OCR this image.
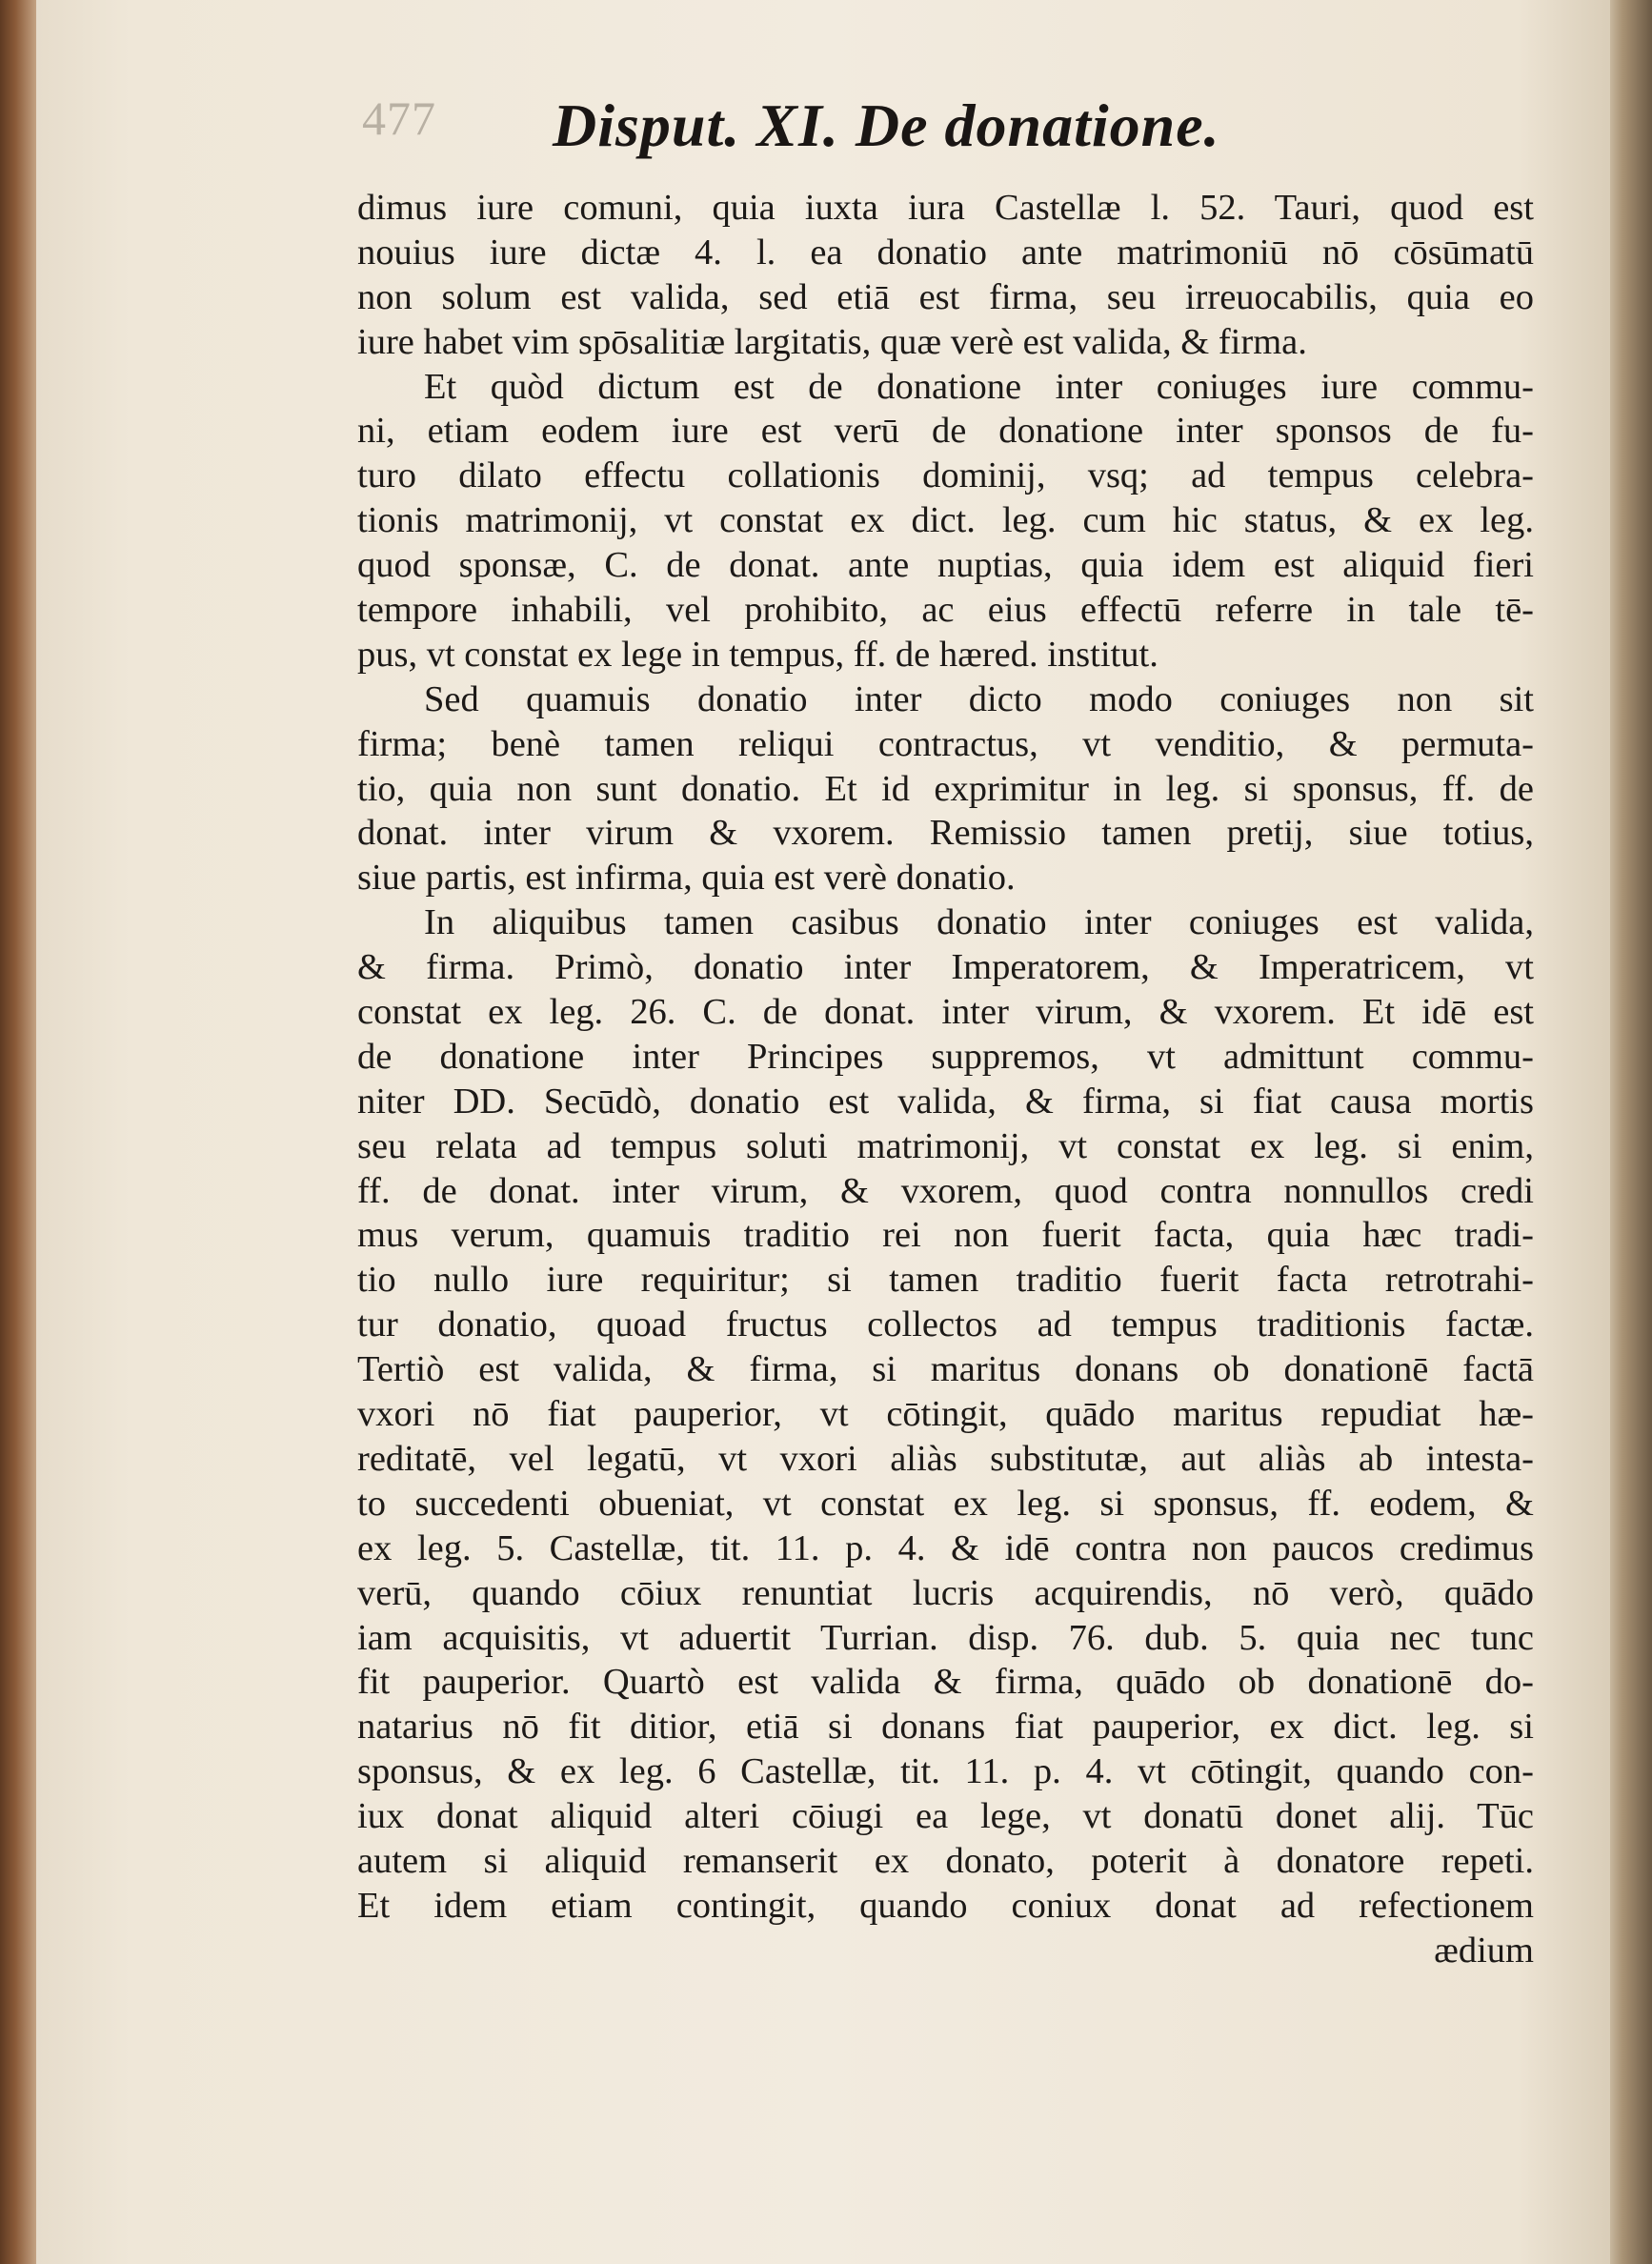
477 Disput. XI. De donatione.
dimus iure comuni, quia iuxta iura Castellæ l. 52. Tauri, quod est
nouius iure dictæ 4. l. ea donatio ante matrimoniū nō cōsūmatū
non solum est valida, sed etiā est firma, seu irreuocabilis, quia eo
iure habet vim spōsalitiæ largitatis, quæ verè est valida, & firma.
Et quòd dictum est de donatione inter coniuges iure commu-
ni, etiam eodem iure est verū de donatione inter sponsos de fu-
turo dilato effectu collationis dominij, vsq; ad tempus celebra-
tionis matrimonij, vt constat ex dict. leg. cum hic status, & ex leg.
quod sponsæ, C. de donat. ante nuptias, quia idem est aliquid fieri
tempore inhabili, vel prohibito, ac eius effectū referre in tale tē-
pus, vt constat ex lege in tempus, ff. de hæred. institut.
Sed quamuis donatio inter dicto modo coniuges non sit
firma; benè tamen reliqui contractus, vt venditio, & permuta-
tio, quia non sunt donatio. Et id exprimitur in leg. si sponsus, ff. de
donat. inter virum & vxorem. Remissio tamen pretij, siue totius,
siue partis, est infirma, quia est verè donatio.
In aliquibus tamen casibus donatio inter coniuges est valida,
& firma. Primò, donatio inter Imperatorem, & Imperatricem, vt
constat ex leg. 26. C. de donat. inter virum, & vxorem. Et idē est
de donatione inter Principes suppremos, vt admittunt commu-
niter DD. Secūdò, donatio est valida, & firma, si fiat causa mortis
seu relata ad tempus soluti matrimonij, vt constat ex leg. si enim,
ff. de donat. inter virum, & vxorem, quod contra nonnullos credi
mus verum, quamuis traditio rei non fuerit facta, quia hæc tradi-
tio nullo iure requiritur; si tamen traditio fuerit facta retrotrahi-
tur donatio, quoad fructus collectos ad tempus traditionis factæ.
Tertiò est valida, & firma, si maritus donans ob donationē factā
vxori nō fiat pauperior, vt cōtingit, quādo maritus repudiat hæ-
reditatē, vel legatū, vt vxori aliàs substitutæ, aut aliàs ab intesta-
to succedenti obueniat, vt constat ex leg. si sponsus, ff. eodem, &
ex leg. 5. Castellæ, tit. 11. p. 4. & idē contra non paucos credimus
verū, quando cōiux renuntiat lucris acquirendis, nō verò, quādo
iam acquisitis, vt aduertit Turrian. disp. 76. dub. 5. quia nec tunc
fit pauperior. Quartò est valida & firma, quādo ob donationē do-
natarius nō fit ditior, etiā si donans fiat pauperior, ex dict. leg. si
sponsus, & ex leg. 6 Castellæ, tit. 11. p. 4. vt cōtingit, quando con-
iux donat aliquid alteri cōiugi ea lege, vt donatū donet alij. Tūc
autem si aliquid remanserit ex donato, poterit à donatore repeti.
Et idem etiam contingit, quando coniux donat ad refectionem
ædium
